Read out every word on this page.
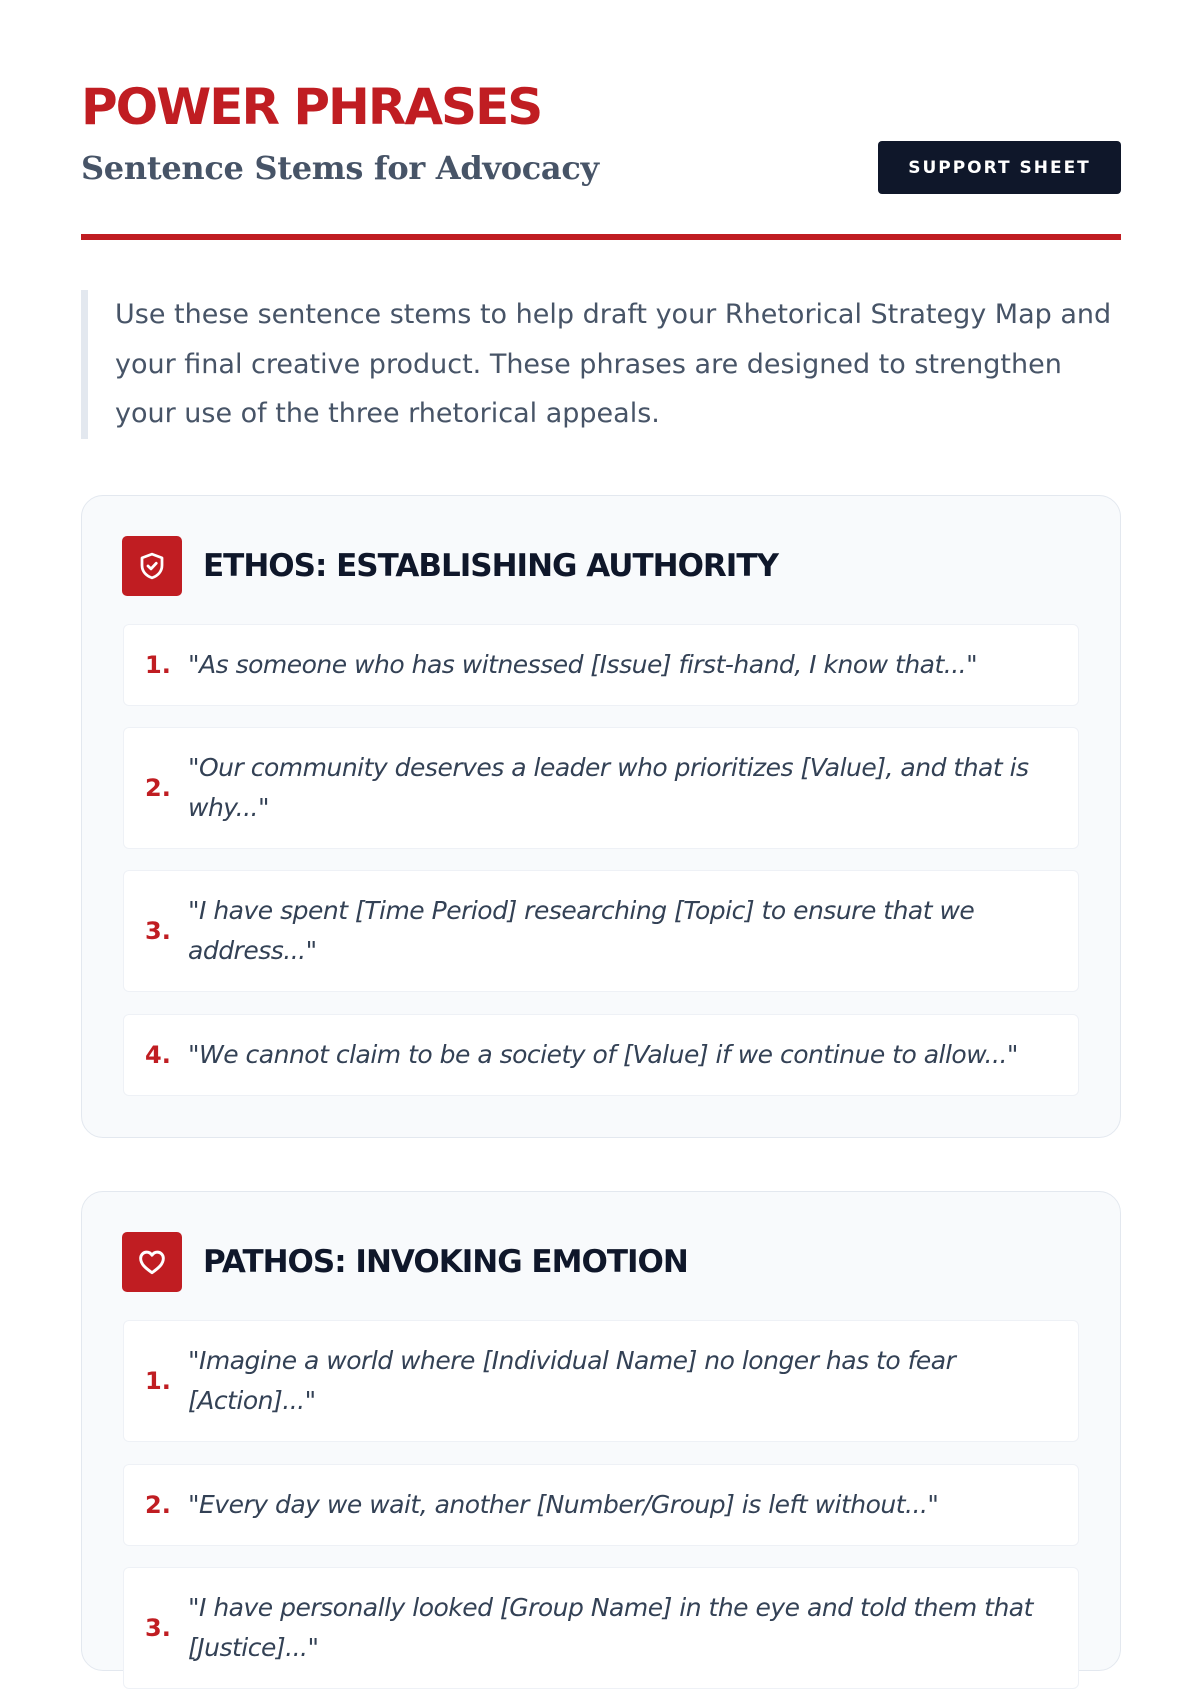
POWER PHRASES
Sentence Stems for Advocacy	SUPPORT SHEET
Use these sentence stems to help draft your Rhetorical Strategy Map and your final creative product. These phrases are designed to strengthen your use of the three rhetorical appeals.
ETHOS: ESTABLISHING AUTHORITY
1. "As someone who has witnessed [Issue] first-hand, I know that..."
2.
"Our community deserves a leader who prioritizes [Value], and that is why..."
3.
"I have spent [Time Period] researching [Topic] to ensure that we address..."
4. "We cannot claim to be a society of [Value] if we continue to allow..."
PATHOS: INVOKING EMOTION
1.
"Imagine a world where [Individual Name] no longer has to fear [Action]..."
2. "Every day we wait, another [Number/Group] is left without..."
3.
"I have personally looked [Group Name] in the eye and told them that [Justice]..."
